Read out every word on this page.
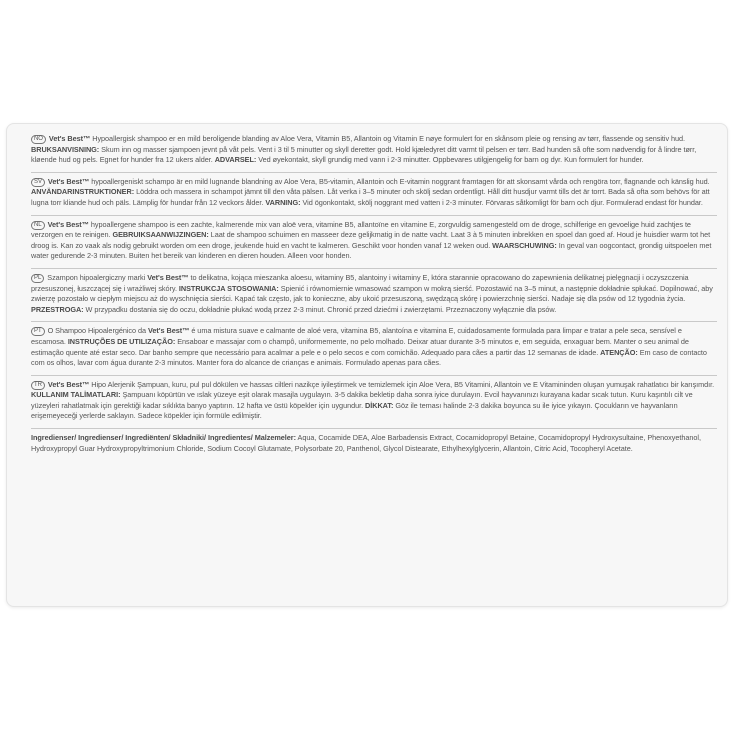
NO Vet's Best™ Hypoallergisk shampoo er en mild beroligende blanding av Aloe Vera, Vitamin B5, Allantoin og Vitamin E nøye formulert for en skånsom pleie og rensing av tørr, flassende og sensitiv hud. BRUKSANVISNING: Skum inn og masser sjampoen jevnt på våt pels. Vent i 3 til 5 minutter og skyll deretter godt. Hold kjæledyret ditt varmt til pelsen er tørr. Bad hunden så ofte som nødvendig for å lindre tørr, kløende hud og pels. Egnet for hunder fra 12 ukers alder. ADVARSEL: Ved øyekontakt, skyll grundig med vann i 2-3 minutter. Oppbevares utilgjengelig for barn og dyr. Kun formulert for hunder.
SV Vet's Best™ hypoallergeniskt schampo är en mild lugnande blandning av Aloe Vera, B5-vitamin, Allantoin och E-vitamin noggrant framtagen för att skonsamt vårda och rengöra torr, flagnande och känslig hud. ANVÄNDARINSTRUKTIONER: Löddra och massera in schampot jämnt till den våta pälsen. Låt verka i 3–5 minuter och skölj sedan ordentligt. Håll ditt husdjur varmt tills det är torrt. Bada så ofta som behövs för att lugna torr kliande hud och päls. Lämplig för hundar från 12 veckors ålder. VARNING: Vid ögonkontakt, skölj noggrant med vatten i 2-3 minuter. Förvaras såtkomligt för barn och djur. Formulerad endast för hundar.
NL Vet's Best™ hypoallergene shampoo is een zachte, kalmerende mix van aloë vera, vitamine B5, allantoïne en vitamine E, zorgvuldig samengesteld om de droge, schilferige en gevoelige huid zachtjes te verzorgen en te reinigen. GEBRUIKSAANWIJZINGEN: Laat de shampoo schuimen en masseer deze gelijkmatig in de natte vacht. Laat 3 à 5 minuten inbrekken en spoel dan goed af. Houd je huisdier warm tot het droog is. Kan zo vaak als nodig gebruikt worden om een droge, jeukende huid en vacht te kalmeren. Geschikt voor honden vanaf 12 weken oud. WAARSCHUWING: In geval van oogcontact, grondig uitspoelen met water gedurende 2-3 minuten. Buiten het bereik van kinderen en dieren houden. Alleen voor honden.
PL Szampon hipoalergiczny marki Vet's Best™ to delikatna, kojąca mieszanka aloesu, witaminy B5, alantoiny i witaminy E, która starannie opracowano do zapewnienia delikatnej pielęgnacji i oczyszczenia przesuszonej, łuszczącej się i wrażliwej skóry. INSTRUKCJA STOSOWANIA: Spienić i równomiernie wmasować szampon w mokrą sierść. Pozostawić na 3–5 minut, a następnie dokładnie spłukać. Dopilnować, aby zwierzę pozostało w ciepłym miejscu aż do wyschnięcia sierści. Kąpać tak często, jak to konieczne, aby ukoić przesuszoną, swędzącą skórę i powierzchnię sierści. Nadaje się dla psów od 12 tygodnia życia. PRZESTROGA: W przypadku dostania się do oczu, dokładnie płukać wodą przez 2-3 minut. Chronić przed dziećmi i zwierzętami. Przeznaczony wyłącznie dla psów.
PT O Shampoo Hipoalergénico da Vet's Best™ é uma mistura suave e calmante de aloé vera, vitamina B5, alantoína e vitamina E, cuidadosamente formulada para limpar e tratar a pele seca, sensível e escamosa. INSTRUÇÕES DE UTILIZAÇÃO: Ensaboar e massajar com o champô, uniformemente, no pelo molhado. Deixar atuar durante 3-5 minutos e, em seguida, enxaguar bem. Manter o seu animal de estimação quente até estar seco. Dar banho sempre que necessário para acalmar a pele e o pelo secos e com comichão. Adequado para cães a partir das 12 semanas de idade. ATENÇÃO: Em caso de contacto com os olhos, lavar com água durante 2-3 minutos. Manter fora do alcance de crianças e animais. Formulado apenas para cães.
TR Vet's Best™ Hipo Alerjenik Şampuan, kuru, pul pul dökülen ve hassas ciltleri nazikçe iyileştirmek ve temizlemek için Aloe Vera, B5 Vitamini, Allantoin ve E Vitamininden oluşan yumuşak rahatlatıcı bir karışımdır. KULLANIM TALİMATLARI: Şampuanı köpürtün ve ıslak yüzeye eşit olarak masajla uygulayın. 3-5 dakika bekletip daha sonra iyice durulayın. Evcil hayvanınızı kurayana kadar sıcak tutun. Kuru kaşıntılı cilt ve yüzeyleri rahatlatmak için gerektiği kadar sıklıkta banyo yaptırın. 12 hafta ve üstü köpekler için uygundur. DİKKAT: Göz ile teması halinde 2-3 dakika boyunca su ile iyice yıkayın. Çocukların ve hayvanların erişemeyeceği yerlerde saklayın. Sadece köpekler için formüle edilmiştir.
Ingredienser/ Ingredienser/ Ingrediënten/ Składniki/ Ingredientes/ Malzemeler: Aqua, Cocamide DEA, Aloe Barbadensis Extract, Cocamidopropyl Betaine, Cocamidopropyl Hydroxysultaine, Phenoxyethanol, Hydroxypropyl Guar Hydroxypropyltrimonium Chloride, Sodium Cocoyl Glutamate, Polysorbate 20, Panthenol, Glycol Distearate, Ethylhexylglycerin, Allantoin, Citric Acid, Tocopheryl Acetate.
